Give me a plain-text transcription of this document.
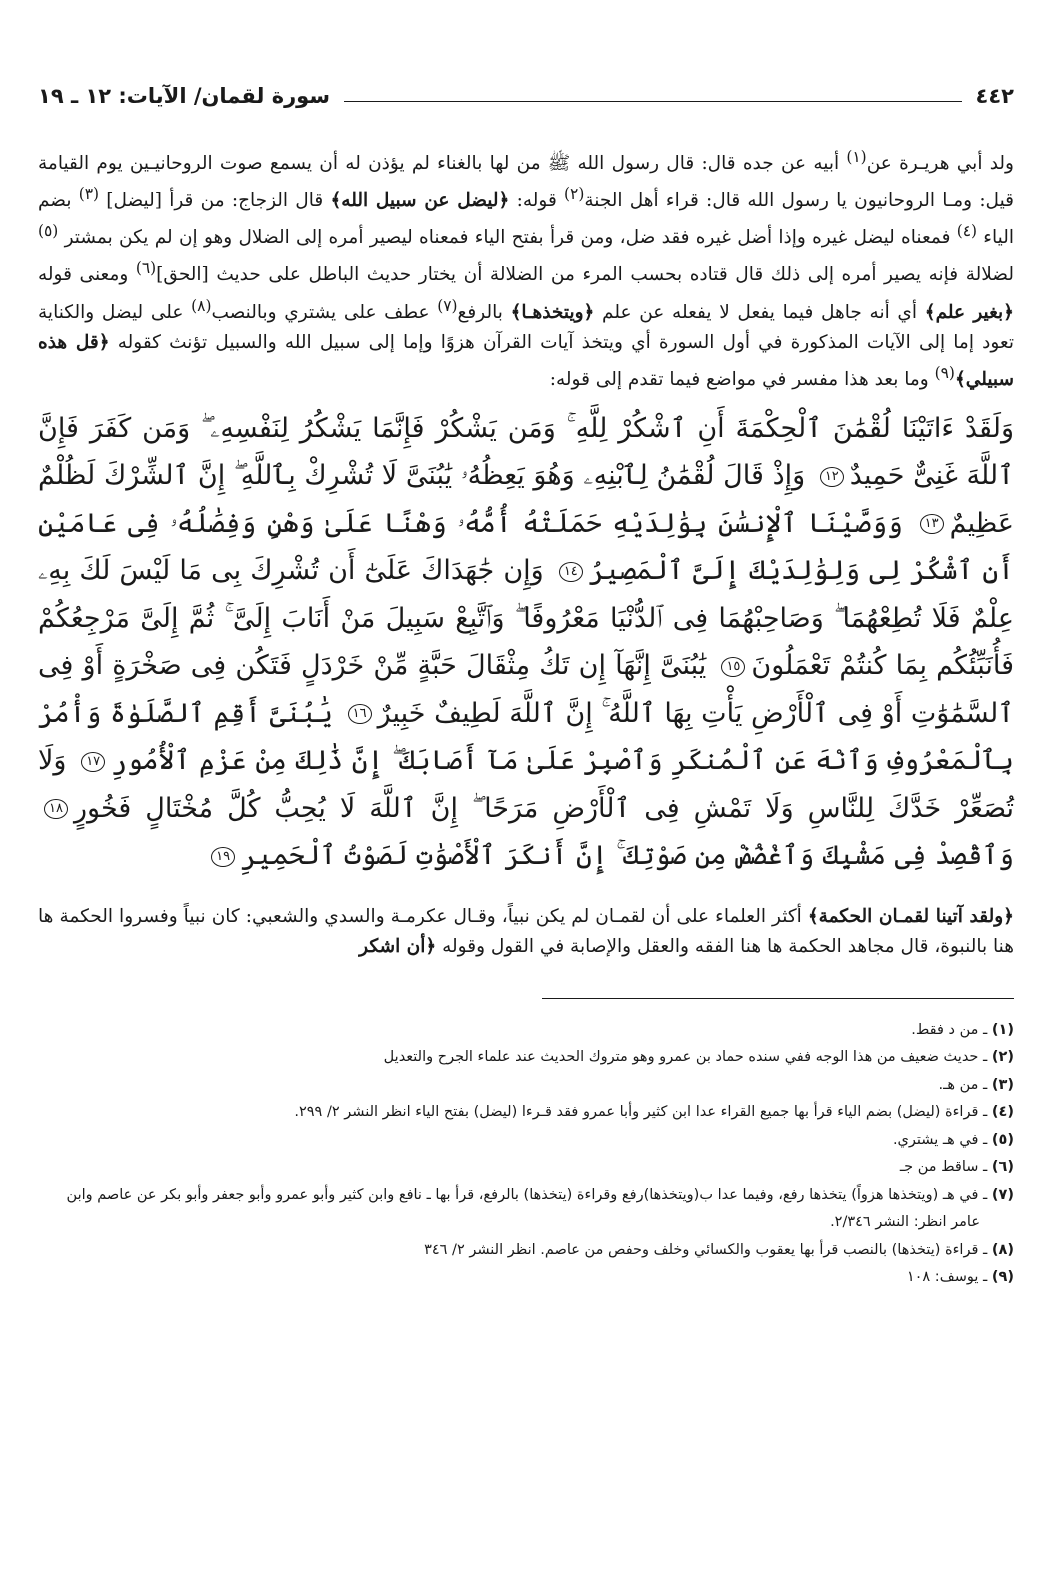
٤٤٢
سورة لقمان/ الآيات: ١٢ ـ ١٩

ولد أبي هريـرة عن$^{(١)}$ أبيه عن جده قال: قال رسول الله ﷺ من لها بالغناء لم يؤذن له أن يسمع صوت الروحانيـين يوم القيامة قيل: ومـا الروحانيون يا رسول الله قال: قراء أهل الجنة$^{(٢)}$ قوله: ﴿ليضل عن سبيل الله﴾ قال الزجاج: من قرأ [ليضل] $^{(٣)}$ بضم الياء $^{(٤)}$ فمعناه ليضل غيره وإذا أضل غيره فقد ضل، ومن قرأ بفتح الياء فمعناه ليصير أمره إلى الضلال وهو إن لم يكن بمشتر $^{(٥)}$ لضلالة فإنه يصير أمره إلى ذلك قال قتاده بحسب المرء من الضلالة أن يختار حديث الباطل على حديث [الحق]$^{(٦)}$ ومعنى قوله ﴿بغير علم﴾ أي أنه جاهل فيما يفعل لا يفعله عن علم ﴿ويتخذهـا﴾ بالرفع$^{(٧)}$ عطف على يشتري وبالنصب$^{(٨)}$ على ليضل والكناية تعود إما إلى الآيات المذكورة في أول السورة أي ويتخذ آيات القرآن هزوًا وإما إلى سبيل الله والسبيل تؤنث كقوله ﴿قل هذه سبيلي﴾$^{(٩)}$ وما بعد هذا مفسر في مواضع فيما تقدم إلى قوله:

وَلَقَدْ ءَاتَيْنَا لُقْمَٰنَ ٱلْحِكْمَةَ أَنِ ٱشْكُرْ لِلَّهِ ۚ وَمَن يَشْكُرْ فَإِنَّمَا يَشْكُرُ لِنَفْسِهِۦ ۖ وَمَن كَفَرَ فَإِنَّ ٱللَّهَ غَنِىٌّ حَمِيدٌ١٢ وَإِذْ قَالَ لُقْمَٰنُ لِٱبْنِهِۦ وَهُوَ يَعِظُهُۥ يَٰبُنَىَّ لَا تُشْرِكْ بِٱللَّهِ ۖ إِنَّ ٱلشِّرْكَ لَظُلْمٌ عَظِيمٌ١٣ وَوَصَّيْنَا ٱلْإِنسَٰنَ بِوَٰلِدَيْهِ حَمَلَتْهُ أُمُّهُۥ وَهْنًا عَلَىٰ وَهْنٍ وَفِصَٰلُهُۥ فِى عَامَيْنِ أَنِ ٱشْكُرْ لِى وَلِوَٰلِدَيْكَ إِلَىَّ ٱلْمَصِيرُ١٤ وَإِن جَٰهَدَاكَ عَلَىٰٓ أَن تُشْرِكَ بِى مَا لَيْسَ لَكَ بِهِۦ عِلْمٌ فَلَا تُطِعْهُمَا ۖ وَصَاحِبْهُمَا فِى ٱلدُّنْيَا مَعْرُوفًا ۖ وَٱتَّبِعْ سَبِيلَ مَنْ أَنَابَ إِلَىَّ ۚ ثُمَّ إِلَىَّ مَرْجِعُكُمْ فَأُنَبِّئُكُم بِمَا كُنتُمْ تَعْمَلُونَ١٥ يَٰبُنَىَّ إِنَّهَآ إِن تَكُ مِثْقَالَ حَبَّةٍ مِّنْ خَرْدَلٍ فَتَكُن فِى صَخْرَةٍ أَوْ فِى ٱلسَّمَٰوَٰتِ أَوْ فِى ٱلْأَرْضِ يَأْتِ بِهَا ٱللَّهُ ۚ إِنَّ ٱللَّهَ لَطِيفٌ خَبِيرٌ١٦ يَٰبُنَىَّ أَقِمِ ٱلصَّلَوٰةَ وَأْمُرْ بِٱلْمَعْرُوفِ وَٱنْهَ عَنِ ٱلْمُنكَرِ وَٱصْبِرْ عَلَىٰ مَآ أَصَابَكَ ۖ إِنَّ ذَٰلِكَ مِنْ عَزْمِ ٱلْأُمُورِ١٧ وَلَا تُصَعِّرْ خَدَّكَ لِلنَّاسِ وَلَا تَمْشِ فِى ٱلْأَرْضِ مَرَحًا ۖ إِنَّ ٱللَّهَ لَا يُحِبُّ كُلَّ مُخْتَالٍ فَخُورٍ١٨ وَٱقْصِدْ فِى مَشْيِكَ وَٱغْضُضْ مِن صَوْتِكَ ۚ إِنَّ أَنكَرَ ٱلْأَصْوَٰتِ لَصَوْتُ ٱلْحَمِيرِ١٩

﴿ولقد آتينا لقمـان الحكمة﴾ أكثر العلماء على أن لقمـان لم يكن نبياً، وقـال عكرمـة والسدي والشعبي: كان نبياً وفسروا الحكمة ها هنا بالنبوة، قال مجاهد الحكمة ها هنا الفقه والعقل والإصابة في القول وقوله ﴿أن اشكر

(١) ـ من د فقط.

(٢) ـ حديث ضعيف من هذا الوجه ففي سنده حماد بن عمرو وهو متروك الحديث عند علماء الجرح والتعديل

(٣) ـ من هـ.

(٤) ـ قراءة (ليضل) بضم الياء قرأ بها جميع القراء عدا ابن كثير وأبا عمرو فقد قـرءا (ليضل) بفتح الياء انظر النشر ٢/ ٢٩٩.

(٥) ـ في هـ يشتري.

(٦) ـ ساقط من جـ

(٧) ـ في هـ (ويتخذها هزواً) يتخذها رفع، وفيما عدا ب(ويتخذها)رفع وقراءة (يتخذها) بالرفع، قرأ بها ـ نافع وابن كثير وأبو عمرو وأبو جعفر وأبو بكر عن عاصم وابن عامر انظر: النشر ٢/٣٤٦.

(٨) ـ قراءة (يتخذها) بالنصب قرأ بها يعقوب والكسائي وخلف وحفص من عاصم. انظر النشر ٢/ ٣٤٦

(٩) ـ يوسف: ١٠٨
